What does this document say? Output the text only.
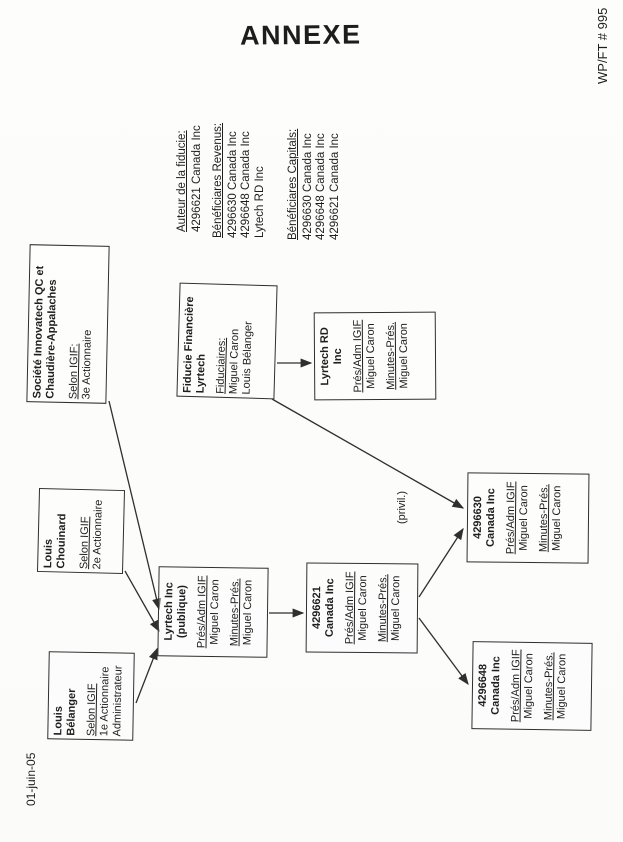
ANNEXE
Auteur de la fiducie: 4296621 Canada Inc Bénéficiares Revenus: 4296630 Canada Inc 4296648 Canada Inc Lytech RD Inc Bénéficiares Capitals: 4296630 Canada Inc 4296648 Canada Inc 4296621 Canada Inc
Société Innovatech QC et
Chaudière-Appalaches Selon IGIF: 3e Actionnaire
Louis Chouinard Selon IGIF 2e Actionnaire
Louis Bélanger Selon IGIF 1e Actionnaire Administrateur
Lyrtech Inc (publique) Prés/Adm IGIF Miguel Caron Minutes-Prés. Miguel Caron	4296621 Canada Inc Prés/Adm IGIF Miguel Caron Minutes-Prés. Miguel Caron
4296630 Canada Inc Prés/Adm IGIF Miguel Caron Minutes-Prés. Miguel Caron
4296648 Canada Inc Prés/Adm IGIF Miguel Caron Minutes-Prés. Miguel Caron
Fiducie Financière
Lyrtech Fiduciaires: Miguel Caron Louis Bélanger	Lyrtech RD Inc Prés/Adm IGIF Miguel Caron Minutes-Prés. Miguel Caron
(privil.)
WP/FT # 995
01-juin-05
